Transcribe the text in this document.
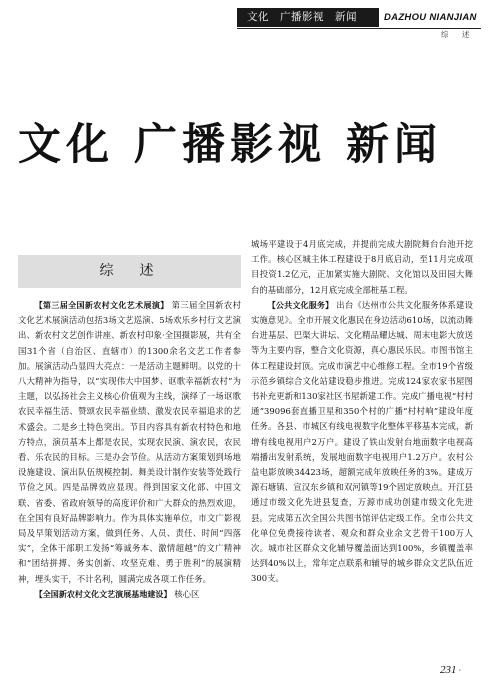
文化　广播影视　新闻	DAZHOU NIANJIAN
综　述
文化 广播影视 新闻
综　述

【第三届全国新农村文化艺术展演】 第三届全国新农村文化艺术展演活动包括3场文艺巡演、5场欢乐乡村行文艺演出、新农村文艺创作讲座、新农村印象·全国摄影展，共有全国31个省（自治区、直辖市）的1300余名文艺工作者参加。展演活动凸显四大亮点：一是活动主题鲜明。以党的十八大精神为指导，以“实现伟大中国梦、讴歌幸福新农村”为主题，以弘扬社会主义核心价值观为主线，演绎了一场讴歌农民幸福生活、赞颂农民幸福业绩、激发农民幸福追求的艺术盛会。二是乡土特色突出。节目内容具有新农村特色和地方特点，演员基本上都是农民，实现农民演、演农民，农民看、乐农民的目标。三是办会节俭。从活动方案策划到场地设施建设、演出队伍规模控制、舞美设计制作安装等处践行节俭之风。四是品牌效应显现。得到国家文化部、中国文联、省委、省政府领导的高度评价和广大群众的热烈欢迎，在全国有良好品牌影响力。作为具体实施单位，市文广影视局及早策划活动方案，做到任务、人员、责任、时间“四落实”，全体干部职工发扬“筹诚务本、激情超越”的文广精神和“团结拼搏、务实创新、攻坚克难、勇于胜利”的展演精神，埋头实干，不计名利，圆满完成各项工作任务。

【全国新农村文化文艺演展基地建设】 核心区

城场平建设于4月底完成，并提前完成大剧院舞台台池开挖工作。核心区城主体工程建设于8月底启动，至11月完成项目投资1.2亿元，正加紧实施大剧院、文化馆以及田园大舞台的基础部分，12月底完成全部桩基工程。

【公共文化服务】 出台《达州市公共文化服务体系建设实施意见》。全市开展文化惠民在身边活动610场，以流动舞台进基层、巴渠大讲坛、文化精品耀达城、周末电影大放送等为主要内容，整合文化资源，真心惠民乐民。市图书馆主体工程建设封顶。完成市演艺中心维修工程。全市19个省级示范乡镇综合文化站建设稳步推进。完成124家农家书屋图书补充更新和130家社区书屋新建工作。完成广播电视“村村通”39096套直播卫星和350个村的广播“村村响”建设年度任务。各县、市城区有线电视数字化整体平移基本完成，新增有线电视用户2万户。建设了铁山发射台地面数字电视高端播出发射系统，发展地面数字电视用户1.2万户。农村公益电影放映34423场，超额完成年放映任务的3%。建成万源石塘镇、宣汉东乡镇和双河镇等19个固定放映点。开江县通过市级文化先进县复查，万源市成功创建市级文化先进县。完成第五次全国公共图书馆评估定级工作。全市公共文化单位免费接待读者、观众和群众业余文艺骨干100万人次。城市社区群众文化辅导覆盖面达到100%，乡镇覆盖率达到40%以上，常年定点联系和辅导的城乡群众文艺队伍近300支。

231 ·
